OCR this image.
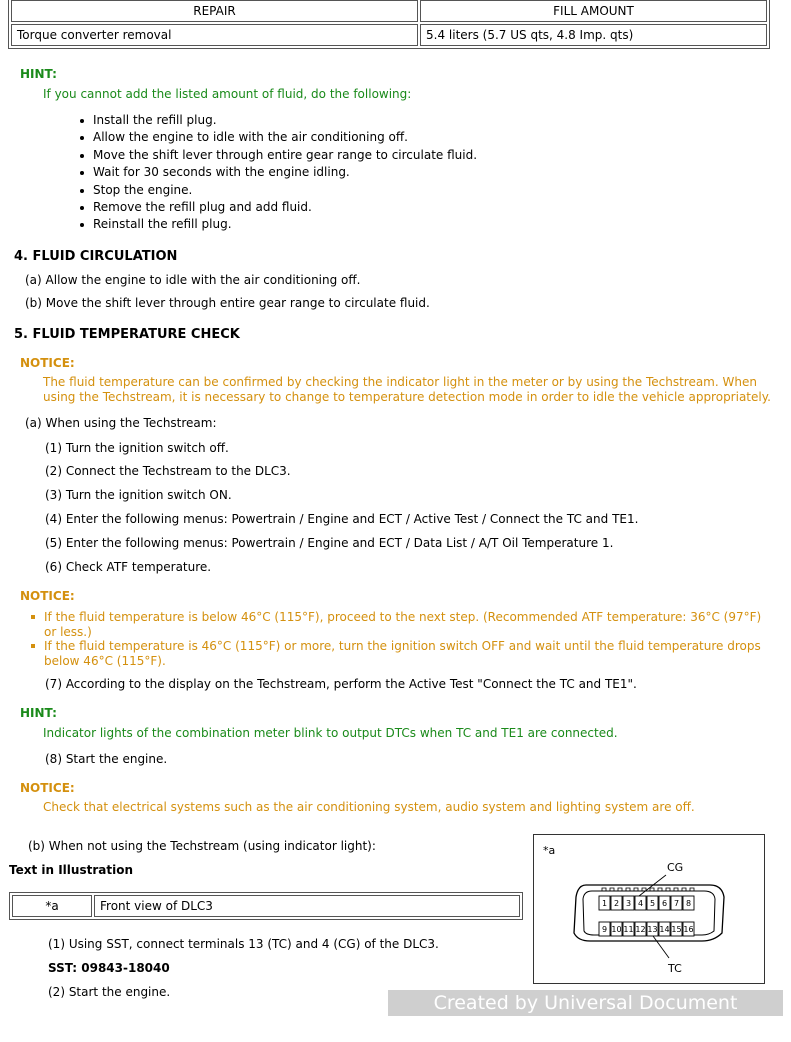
REPAIR	FILL AMOUNT
Torque converter removal	5.4 liters (5.7 US qts, 4.8 Imp. qts)
HINT:
If you cannot add the listed amount of fluid, do the following:
Install the refill plug.
Allow the engine to idle with the air conditioning off.
Move the shift lever through entire gear range to circulate fluid.
Wait for 30 seconds with the engine idling.
Stop the engine.
Remove the refill plug and add fluid.
Reinstall the refill plug.
4. FLUID CIRCULATION
(a) Allow the engine to idle with the air conditioning off.
(b) Move the shift lever through entire gear range to circulate fluid.
5. FLUID TEMPERATURE CHECK
NOTICE:
The fluid temperature can be confirmed by checking the indicator light in the meter or by using the Techstream. When
using the Techstream, it is necessary to change to temperature detection mode in order to idle the vehicle appropriately.
(a) When using the Techstream:
(1) Turn the ignition switch off.
(2) Connect the Techstream to the DLC3.
(3) Turn the ignition switch ON.
(4) Enter the following menus: Powertrain / Engine and ECT / Active Test / Connect the TC and TE1.
(5) Enter the following menus: Powertrain / Engine and ECT / Data List / A/T Oil Temperature 1.
(6) Check ATF temperature.
NOTICE:
If the fluid temperature is below 46°C (115°F), proceed to the next step. (Recommended ATF temperature: 36°C (97°F) or less.)
If the fluid temperature is 46°C (115°F) or more, turn the ignition switch OFF and wait until the fluid temperature drops below 46°C (115°F).
(7) According to the display on the Techstream, perform the Active Test "Connect the TC and TE1".
HINT:
Indicator lights of the combination meter blink to output DTCs when TC and TE1 are connected.
(8) Start the engine.
NOTICE:
Check that electrical systems such as the air conditioning system, audio system and lighting system are off.
(b) When not using the Techstream (using indicator light):
Text in Illustration
*a	Front view of DLC3
(1) Using SST, connect terminals 13 (TC) and 4 (CG) of the DLC3.
SST: 09843-18040
(2) Start the engine.
*a
1 2 3 4 5 6 7 8
9 10 11 12 13 14 15 16
CG
TC
Created by Universal Document Converter
